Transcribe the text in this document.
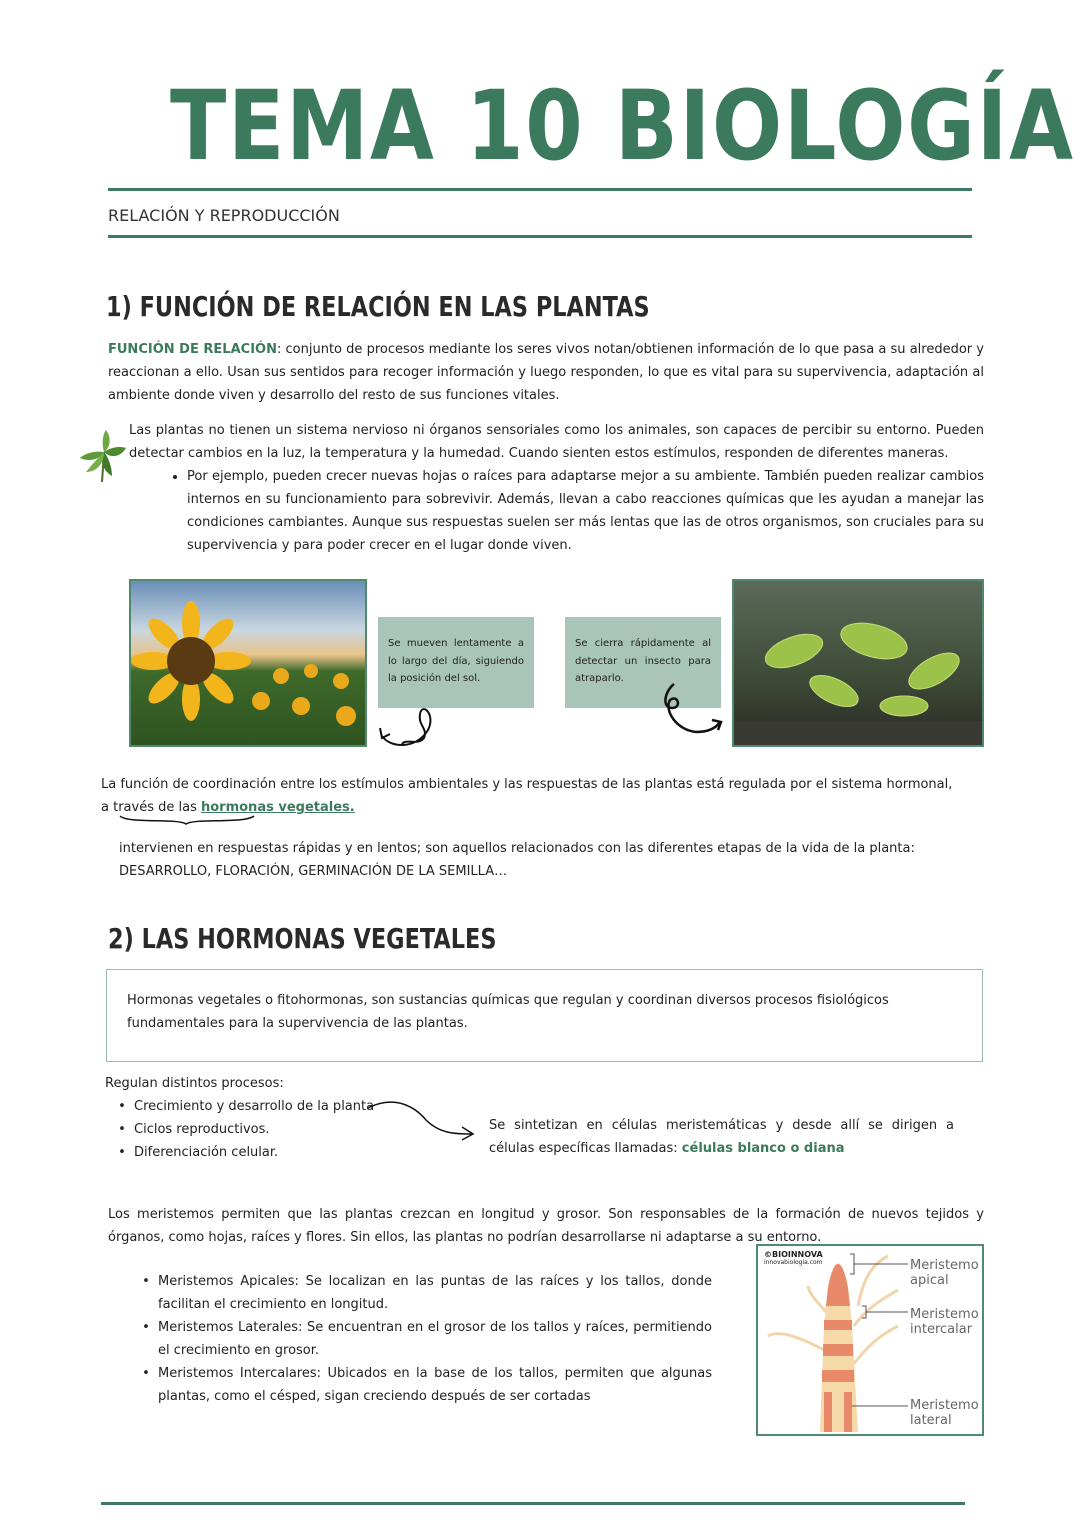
TEMA 10 BIOLOGÍA
RELACIÓN Y REPRODUCCIÓN
1) FUNCIÓN DE RELACIÓN EN LAS PLANTAS
FUNCIÓN DE RELACIÓN: conjunto de procesos mediante los seres vivos notan/obtienen información de lo que pasa a su alrededor y reaccionan a ello. Usan sus sentidos para recoger información y luego responden, lo que es vital para su supervivencia, adaptación al ambiente donde viven y desarrollo del resto de sus funciones vitales.
Las plantas no tienen un sistema nervioso ni órganos sensoriales como los animales, son capaces de percibir su entorno. Pueden detectar cambios en la luz, la temperatura y la humedad. Cuando sienten estos estímulos, responden de diferentes maneras.
• Por ejemplo, pueden crecer nuevas hojas o raíces para adaptarse mejor a su ambiente. También pueden realizar cambios internos en su funcionamiento para sobrevivir. Además, llevan a cabo reacciones químicas que les ayudan a manejar las condiciones cambiantes. Aunque sus respuestas suelen ser más lentas que las de otros organismos, son cruciales para su supervivencia y para poder crecer en el lugar donde viven.
Se mueven lentamente a lo largo del día, siguiendo la posición del sol.
Se cierra rápidamente al detectar un insecto para atraparlo.
La función de coordinación entre los estímulos ambientales y las respuestas de las plantas está regulada por el sistema hormonal, a través de las hormonas vegetales.
intervienen en respuestas rápidas y en lentos; son aquellos relacionados con las diferentes etapas de la vida de la planta: DESARROLLO, FLORACIÓN, GERMINACIÓN DE LA SEMILLA…
2) LAS HORMONAS VEGETALES
Hormonas vegetales o fitohormonas, son sustancias químicas que regulan y coordinan diversos procesos fisiológicos fundamentales para la supervivencia de las plantas.
Regulan distintos procesos:
• Crecimiento y desarrollo de la planta
• Ciclos reproductivos.
• Diferenciación celular.
Se sintetizan en células meristemáticas y desde allí se dirigen a células específicas llamadas: células blanco o diana
Los meristemos permiten que las plantas crezcan en longitud y grosor. Son responsables de la formación de nuevos tejidos y órganos, como hojas, raíces y flores. Sin ellos, las plantas no podrían desarrollarse ni adaptarse a su entorno.
• Meristemos Apicales: Se localizan en las puntas de las raíces y los tallos, donde facilitan el crecimiento en longitud.
• Meristemos Laterales: Se encuentran en el grosor de los tallos y raíces, permitiendo el crecimiento en grosor.
• Meristemos Intercalares: Ubicados en la base de los tallos, permiten que algunas plantas, como el césped, sigan creciendo después de ser cortadas
©BIOINNOVA
innovabiologia.com	Meristemo apical
Meristemo intercalar
Meristemo lateral
